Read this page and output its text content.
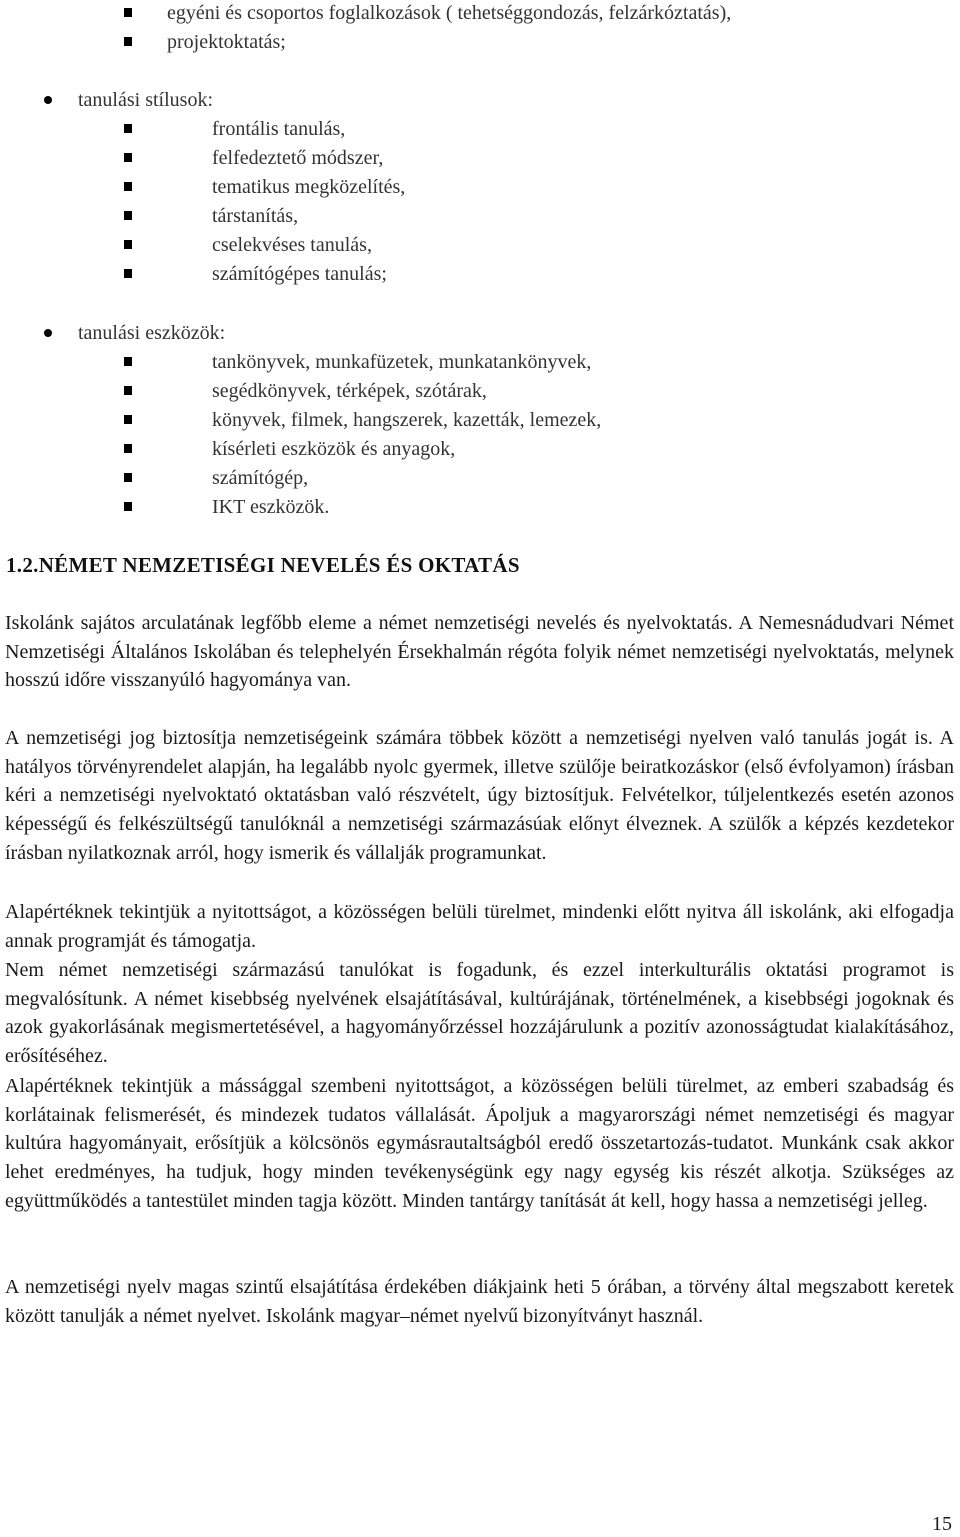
egyéni és csoportos foglalkozások ( tehetséggondozás, felzárkóztatás),
projektoktatás;
tanulási stílusok:
frontális tanulás,
felfedeztető módszer,
tematikus megközelítés,
társtanítás,
cselekvéses tanulás,
számítógépes tanulás;
tanulási eszközök:
tankönyvek, munkafüzetek, munkatankönyvek,
segédkönyvek, térképek, szótárak,
könyvek, filmek, hangszerek, kazetták, lemezek,
kísérleti eszközök és anyagok,
számítógép,
IKT eszközök.
1.2.NÉMET NEMZETISÉGI NEVELÉS ÉS OKTATÁS

Iskolánk sajátos arculatának legfőbb eleme a német nemzetiségi nevelés és nyelvoktatás. A Nemesnádudvari Német Nemzetiségi Általános Iskolában és telephelyén Érsekhalmán régóta folyik német nemzetiségi nyelvoktatás, melynek hosszú időre visszanyúló hagyománya van.

A nemzetiségi jog biztosítja nemzetiségeink számára többek között a nemzetiségi nyelven való tanulás jogát is. A hatályos törvényrendelet alapján, ha legalább nyolc gyermek, illetve szülője beiratkozáskor (első évfolyamon) írásban kéri a nemzetiségi nyelvoktató oktatásban való részvételt, úgy biztosítjuk. Felvételkor, túljelentkezés esetén azonos képességű és felkészültségű tanulóknál a nemzetiségi származásúak előnyt élveznek. A szülők a képzés kezdetekor írásban nyilatkoznak arról, hogy ismerik és vállalják programunkat.

Alapértéknek tekintjük a nyitottságot, a közösségen belüli türelmet, mindenki előtt nyitva áll iskolánk, aki elfogadja annak programját és támogatja.

Nem német nemzetiségi származású tanulókat is fogadunk, és ezzel interkulturális oktatási programot is megvalósítunk. A német kisebbség nyelvének elsajátításával, kultúrájának, történelmének, a kisebbségi jogoknak és azok gyakorlásának megismertetésével, a hagyományőrzéssel hozzájárulunk a pozitív azonosságtudat kialakításához, erősítéséhez.

Alapértéknek tekintjük a mássággal szembeni nyitottságot, a közösségen belüli türelmet, az emberi szabadság és korlátainak felismerését, és mindezek tudatos vállalását. Ápoljuk a magyarországi német nemzetiségi és magyar kultúra hagyományait, erősítjük a kölcsönös egymásrautaltságból eredő összetartozás-tudatot. Munkánk csak akkor lehet eredményes, ha tudjuk, hogy minden tevékenységünk egy nagy egység kis részét alkotja. Szükséges az együttműködés a tantestület minden tagja között. Minden tantárgy tanítását át kell, hogy hassa a nemzetiségi jelleg.

A nemzetiségi nyelv magas szintű elsajátítása érdekében diákjaink heti 5 órában, a törvény által megszabott keretek között tanulják a német nyelvet. Iskolánk magyar–német nyelvű bizonyítványt használ.

15
